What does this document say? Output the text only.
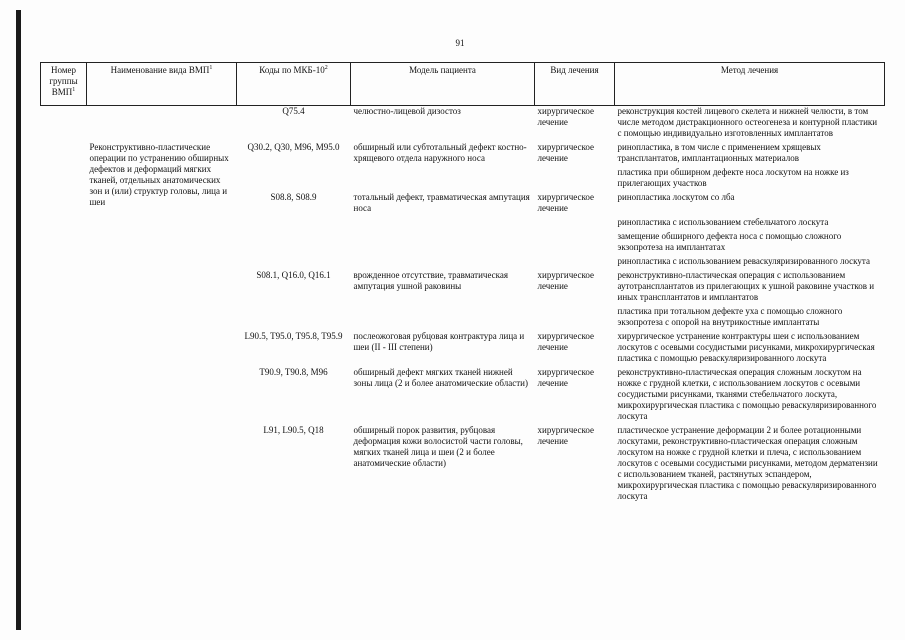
91
Номер группы ВМП$^1$	Наименование вида ВМП$^1$	Коды по МКБ-$10^2$	Модель пациента	Вид лечения	Метод лечения
		Q75.4	челюстно-лицевой дизостоз	хирургическое лечение	реконструкция костей лицевого скелета и нижней челюсти, в том числе методом дистракционного остеогенеза и контурной пластики с помощью индивидуально изготовленных имплантатов

	Реконструктивно-пластические операции по устранению обширных дефектов и деформаций мягких тканей, отдельных анатомических зон и (или) структур головы, лица и шеи	Q30.2, Q30, M96, M95.0	обширный или субтотальный дефект костно-хрящевого отдела наружного носа	хирургическое лечение	ринопластика, в том числе с применением хрящевых трансплантатов, имплантационных материалов

					пластика при обширном дефекте носа лоскутом на ножке из прилегающих участков

		S08.8, S08.9	тотальный дефект, травматическая ампутация носа	хирургическое лечение	ринопластика лоскутом со лба

					ринопластика с использованием стебельчатого лоскута

					замещение обширного дефекта носа с помощью сложного экзопротеза на имплантатах

					ринопластика с использованием реваскуляризированного лоскута

		S08.1, Q16.0, Q16.1	врожденное отсутствие, травматическая ампутация ушной раковины	хирургическое лечение	реконструктивно-пластическая операция с использованием аутотрансплантатов из прилегающих к ушной раковине участков и иных трансплантатов и имплантатов

					пластика при тотальном дефекте уха с помощью сложного экзопротеза с опорой на внутрикостные имплантаты

		L90.5, T95.0, T95.8, T95.9	послеожоговая рубцовая контрактура лица и шеи (II - III степени)	хирургическое лечение	хирургическое устранение контрактуры шеи с использованием лоскутов с осевыми сосудистыми рисунками, микрохирургическая пластика с помощью реваскуляризированного лоскута

		T90.9, T90.8, M96	обширный дефект мягких тканей нижней зоны лица (2 и более анатомические области)	хирургическое лечение	реконструктивно-пластическая операция сложным лоскутом на ножке с грудной клетки, с использованием лоскутов с осевыми сосудистыми рисунками, тканями стебельчатого лоскута, микрохирургическая пластика с помощью реваскуляризированного лоскута

		L91, L90.5, Q18	обширный порок развития, рубцовая деформация кожи волосистой части головы, мягких тканей лица и шеи (2 и более анатомические области)	хирургическое лечение	пластическое устранение деформации 2 и более ротационными лоскутами, реконструктивно-пластическая операция сложным лоскутом на ножке с грудной клетки и плеча, с использованием лоскутов с осевыми сосудистыми рисунками, методом дерматензии с использованием тканей, растянутых эспандером, микрохирургическая пластика с помощью реваскуляризированного лоскута
